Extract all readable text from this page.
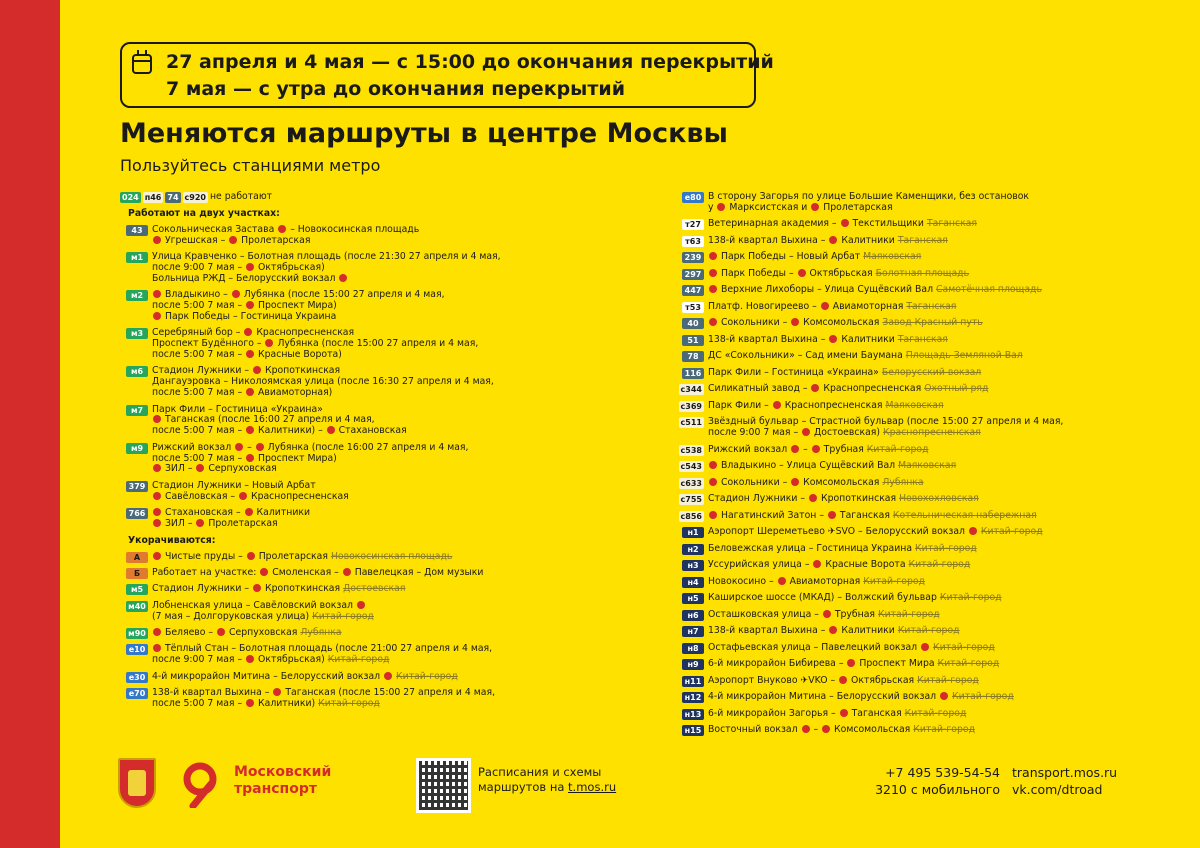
27 апреля и 4 мая — с 15:00 до окончания перекрытий
7 мая — с утра до окончания перекрытий
Меняются маршруты в центре Москвы
Пользуйтесь станциями метро
024 п46 74 с920 не работают
Работают на двух участках:
43	Сокольническая Застава  – Новокосинская площадь
Угрешская –  Пролетарская
м1 Улица Кравченко – Болотная площадь (после 21:30 27 апреля и 4 мая,
после 9:00 7 мая –  Октябрьская)
Больница РЖД – Белорусский вокзал
м2	Владыкино –  Лубянка (после 15:00 27 апреля и 4 мая,
после 5:00 7 мая –  Проспект Мира)
Парк Победы – Гостиница Украина
м3 Серебряный бор –  Краснопресненская
Проспект Будённого –  Лубянка (после 15:00 27 апреля и 4 мая,
после 5:00 7 мая –  Красные Ворота)
м6 Стадион Лужники –  Кропоткинская
Дангауэровка – Николоямская улица (после 16:30 27 апреля и 4 мая,
после 5:00 7 мая –  Авиамоторная)
м7 Парк Фили – Гостиница «Украина»
Таганская (после 16:00 27 апреля и 4 мая,
после 5:00 7 мая –  Калитники) –  Стахановская
м9 Рижский вокзал  –  Лубянка (после 16:00 27 апреля и 4 мая,
после 5:00 7 мая –  Проспект Мира)
ЗИЛ –  Серпуховская
379 Стадион Лужники – Новый Арбат
Савёловская –  Краснопресненская
766	Стахановская –  Калитники
ЗИЛ –  Пролетарская
Укорачиваются:
А	Чистые пруды –  Пролетарская Новокосинская площадь
Б	Работает на участке:  Смоленская –  Павелецкая – Дом музыки
м5 Стадион Лужники –  Кропоткинская Достоевская
м40 Лобненская улица – Савёловский вокзал
(7 мая – Долгоруковская улица) Китай-город
м90	Беляево –  Серпуховская Лубянка
е10	Тёплый Стан – Болотная площадь (после 21:00 27 апреля и 4 мая,
после 9:00 7 мая –  Октябрьская) Китай-город
е30 4-й микрорайон Митина – Белорусский вокзал  Китай-город
е70 138-й квартал Выхина –  Таганская (после 15:00 27 апреля и 4 мая,
после 5:00 7 мая –  Калитники) Китай-город
е80 В сторону Загорья по улице Большие Каменщики, без остановок
у  Марксистская и  Пролетарская
т27 Ветеринарная академия –  Текстильщики Таганская
т63 138-й квартал Выхина –  Калитники Таганская
239	Парк Победы – Новый Арбат Маяковская
297	Парк Победы –  Октябрьская Болотная площадь
447	Верхние Лихоборы – Улица Сущёвский Вал Самотёчная площадь
т53 Платф. Новогиреево –  Авиамоторная Таганская
40	Сокольники –  Комсомольская Завод Красный путь
51	138-й квартал Выхина –  Калитники Таганская
78	ДС «Сокольники» – Сад имени Баумана Площадь Земляной Вал
116 Парк Фили – Гостиница «Украина» Белорусский вокзал
с344 Силикатный завод –  Краснопресненская Охотный ряд
с369 Парк Фили –  Краснопресненская Маяковская
с511 Звёздный бульвар – Страстной бульвар (после 15:00 27 апреля и 4 мая,
после 9:00 7 мая –  Достоевская) Краснопресненская
с538 Рижский вокзал  –  Трубная Китай-город
с543	Владыкино – Улица Сущёвский Вал Маяковская
с633	Сокольники –  Комсомольская Лубянка
с755 Стадион Лужники –  Кропоткинская Новохохловская
с856	Нагатинский Затон –  Таганская Котельническая набережная
н1	Аэропорт Шереметьево ✈SVO – Белорусский вокзал  Китай-город
н2	Беловежская улица – Гостиница Украина Китай-город
н3	Уссурийская улица –  Красные Ворота Китай-город
н4	Новокосино –  Авиамоторная Китай-город
н5	Каширское шоссе (МКАД) – Волжский бульвар Китай-город
н6	Осташковская улица –  Трубная Китай-город
н7	138-й квартал Выхина –  Калитники Китай-город
н8	Остафьевская улица – Павелецкий вокзал  Китай-город
н9	6-й микрорайон Бибирева –  Проспект Мира Китай-город
н11 Аэропорт Внуково ✈VKO –  Октябрьская Китай-город
н12 4-й микрорайон Митина – Белорусский вокзал  Китай-город
н13 6-й микрорайон Загорья –  Таганская Китай-город
н15 Восточный вокзал  –  Комсомольская Китай-город
Московский
транспорт
Расписания и схемы
маршрутов на t.mos.ru
+7 495 539-54-54
3210 с мобильного
transport.mos.ru
vk.com/dtroad
